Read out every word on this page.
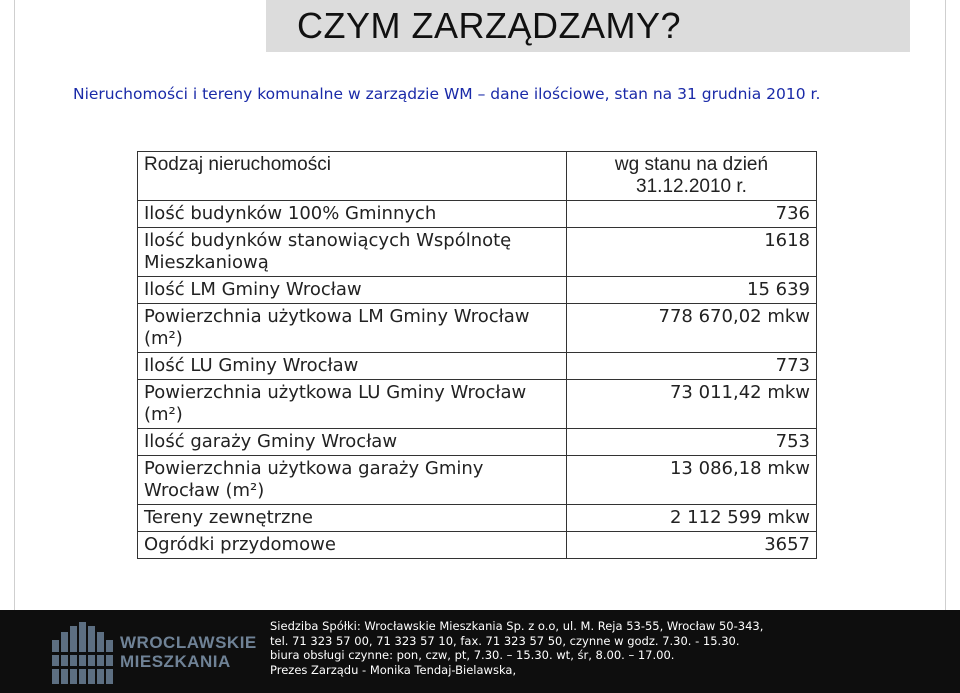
CZYM ZARZĄDZAMY?
Nieruchomości i tereny komunalne w zarządzie WM – dane ilościowe, stan na 31 grudnia 2010 r.
Rodzaj nieruchomości	wg stanu na dzień 31.12.2010 r.
Ilość budynków 100% Gminnych	736
Ilość budynków stanowiących Wspólnotę Mieszkaniową	1618
Ilość LM Gminy Wrocław	15 639
Powierzchnia użytkowa LM Gminy Wrocław (m²)	778 670,02 mkw
Ilość LU Gminy Wrocław	773
Powierzchnia użytkowa LU Gminy Wrocław (m²)	73 011,42 mkw
Ilość garaży Gminy Wrocław	753
Powierzchnia użytkowa garaży Gminy Wrocław (m²)	13 086,18 mkw
Tereny zewnętrzne	2 112 599 mkw
Ogródki przydomowe	3657
WROCLAWSKIE
MIESZKANIA
Siedziba Spółki: Wrocławskie Mieszkania Sp. z o.o, ul. M. Reja 53-55, Wrocław 50-343,
tel. 71 323 57 00, 71 323 57 10, fax. 71 323 57 50, czynne w godz. 7.30. - 15.30.
biura obsługi czynne: pon, czw, pt, 7.30. – 15.30. wt, śr, 8.00. – 17.00.
Prezes Zarządu - Monika Tendaj-Bielawska,
